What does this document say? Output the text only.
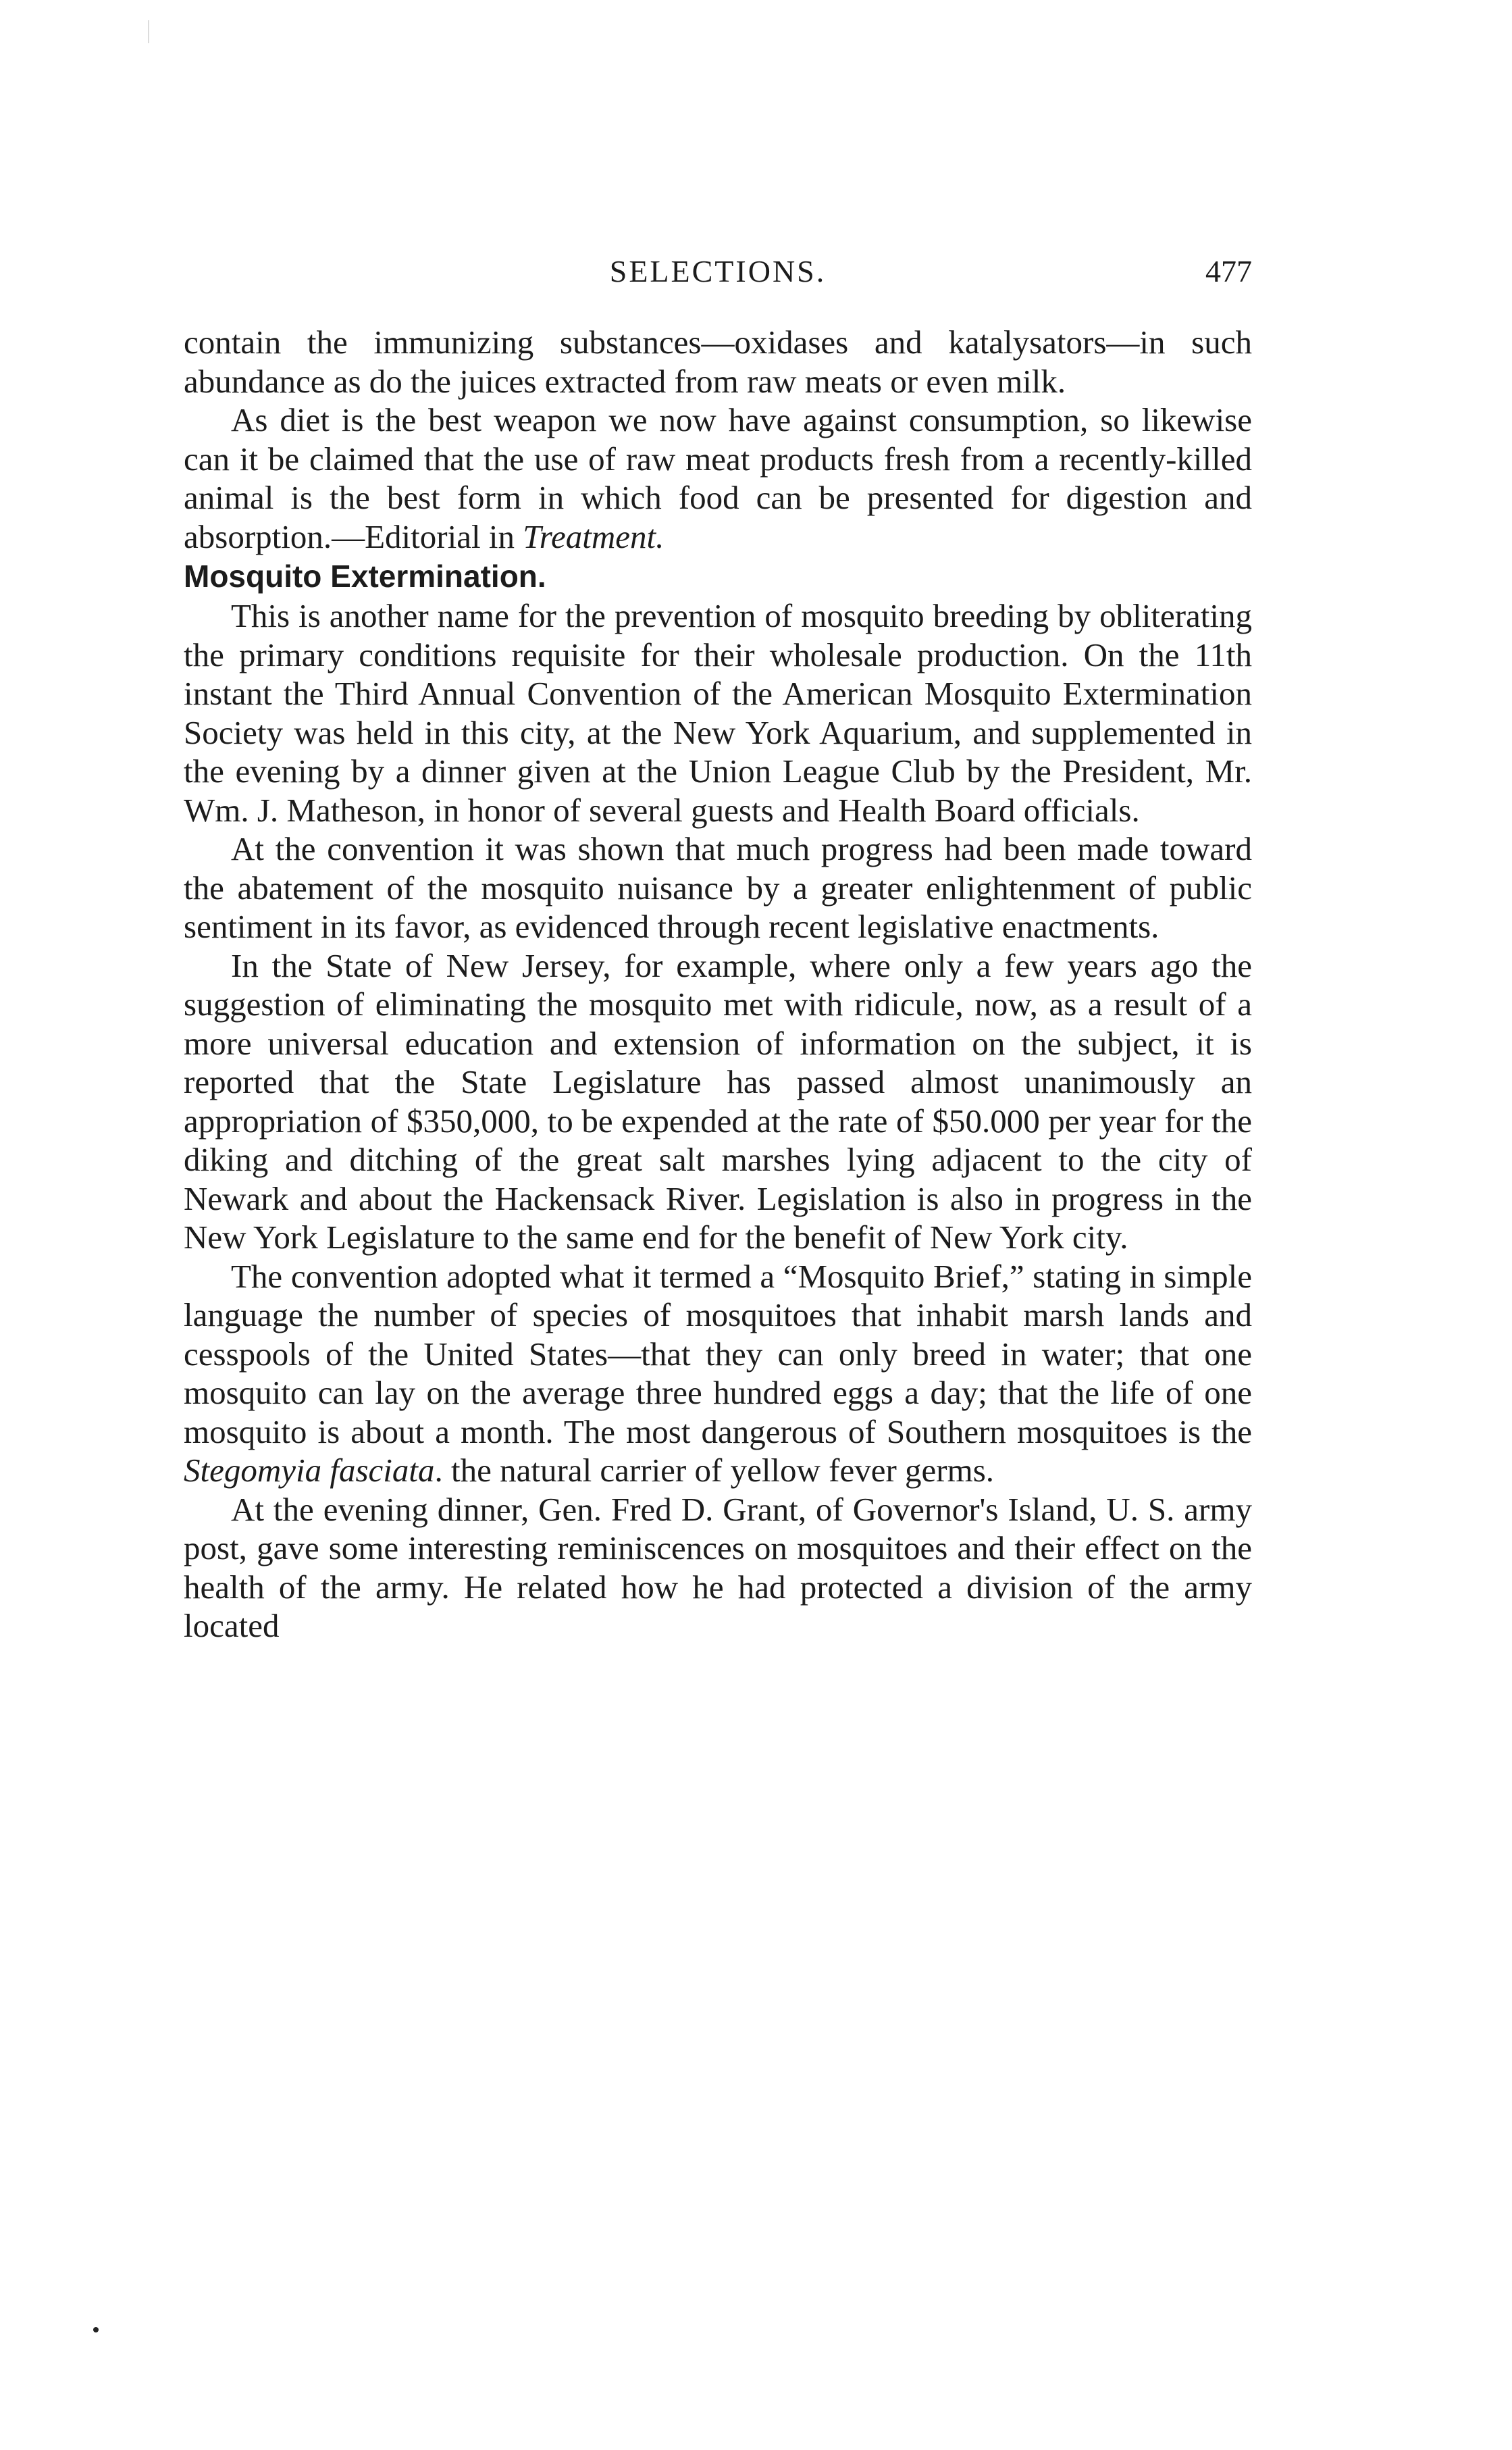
SELECTIONS.	477

contain the immunizing substances—oxidases and katalysators—in such abundance as do the juices extracted from raw meats or even milk.

As diet is the best weapon we now have against consumption, so likewise can it be claimed that the use of raw meat products fresh from a recently-killed animal is the best form in which food can be presented for digestion and absorption.—Editorial in Treatment.

Mosquito Extermination.

This is another name for the prevention of mosquito breeding by obliterating the primary conditions requisite for their wholesale production. On the 11th instant the Third Annual Convention of the American Mosquito Extermination Society was held in this city, at the New York Aquarium, and supplemented in the evening by a dinner given at the Union League Club by the President, Mr. Wm. J. Matheson, in honor of several guests and Health Board officials.

At the convention it was shown that much progress had been made toward the abatement of the mosquito nuisance by a greater enlightenment of public sentiment in its favor, as evidenced through recent legislative enactments.

In the State of New Jersey, for example, where only a few years ago the suggestion of eliminating the mosquito met with ridicule, now, as a result of a more universal education and extension of information on the subject, it is reported that the State Legislature has passed almost unanimously an appropriation of $350,000, to be expended at the rate of $50.000 per year for the diking and ditching of the great salt marshes lying adjacent to the city of Newark and about the Hackensack River. Legislation is also in progress in the New York Legislature to the same end for the benefit of New York city.

The convention adopted what it termed a “Mosquito Brief,” stating in simple language the number of species of mosquitoes that inhabit marsh lands and cesspools of the United States—that they can only breed in water; that one mosquito can lay on the average three hundred eggs a day; that the life of one mosquito is about a month. The most dangerous of Southern mosquitoes is the Stegomyia fasciata. the natural carrier of yellow fever germs.

At the evening dinner, Gen. Fred D. Grant, of Governor's Island, U. S. army post, gave some interesting reminiscences on mosquitoes and their effect on the health of the army. He related how he had protected a division of the army located
